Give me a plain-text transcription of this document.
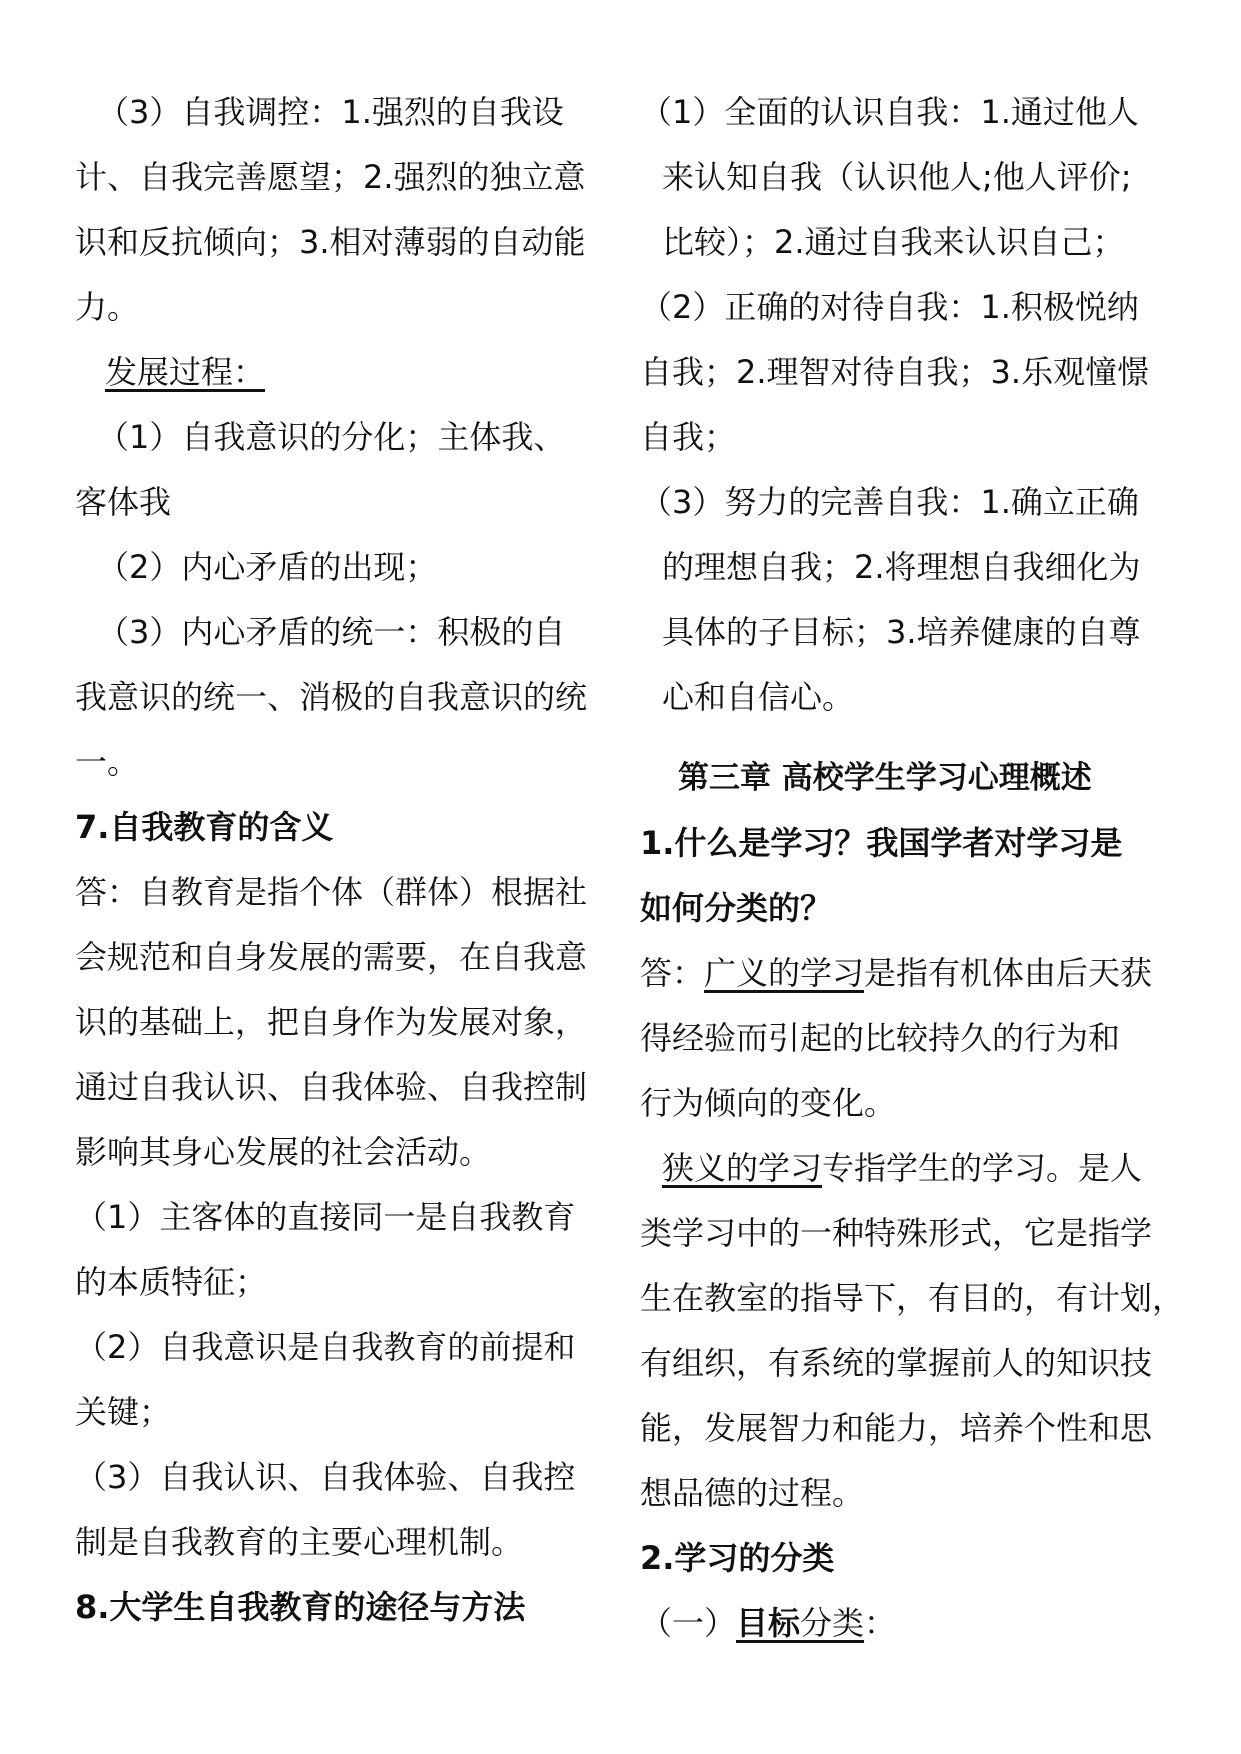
（3）自我调控：1.强烈的自我设
计、自我完善愿望；2.强烈的独立意
识和反抗倾向；3.相对薄弱的自动能
力。
发展过程：
（1）自我意识的分化；主体我、
客体我
（2）内心矛盾的出现；
（3）内心矛盾的统一：积极的自
我意识的统一、消极的自我意识的统
一。
7.自我教育的含义
答：自教育是指个体（群体）根据社
会规范和自身发展的需要，在自我意
识的基础上，把自身作为发展对象，
通过自我认识、自我体验、自我控制
影响其身心发展的社会活动。
（1）主客体的直接同一是自我教育
的本质特征；
（2）自我意识是自我教育的前提和
关键；
（3）自我认识、自我体验、自我控
制是自我教育的主要心理机制。
8.大学生自我教育的途径与方法
（1）全面的认识自我：1.通过他人
来认知自我（认识他人;他人评价;
比较）；2.通过自我来认识自己；
（2）正确的对待自我：1.积极悦纳
自我；2.理智对待自我；3.乐观憧憬
自我；
（3）努力的完善自我：1.确立正确
的理想自我；2.将理想自我细化为
具体的子目标；3.培养健康的自尊
心和自信心。
第三章 高校学生学习心理概述
1.什么是学习？我国学者对学习是
如何分类的？
答：广义的学习是指有机体由后天获
得经验而引起的比较持久的行为和
行为倾向的变化。
狭义的学习专指学生的学习。是人
类学习中的一种特殊形式，它是指学
生在教室的指导下，有目的，有计划，
有组织，有系统的掌握前人的知识技
能，发展智力和能力，培养个性和思
想品德的过程。
2.学习的分类
（一）目标分类：
